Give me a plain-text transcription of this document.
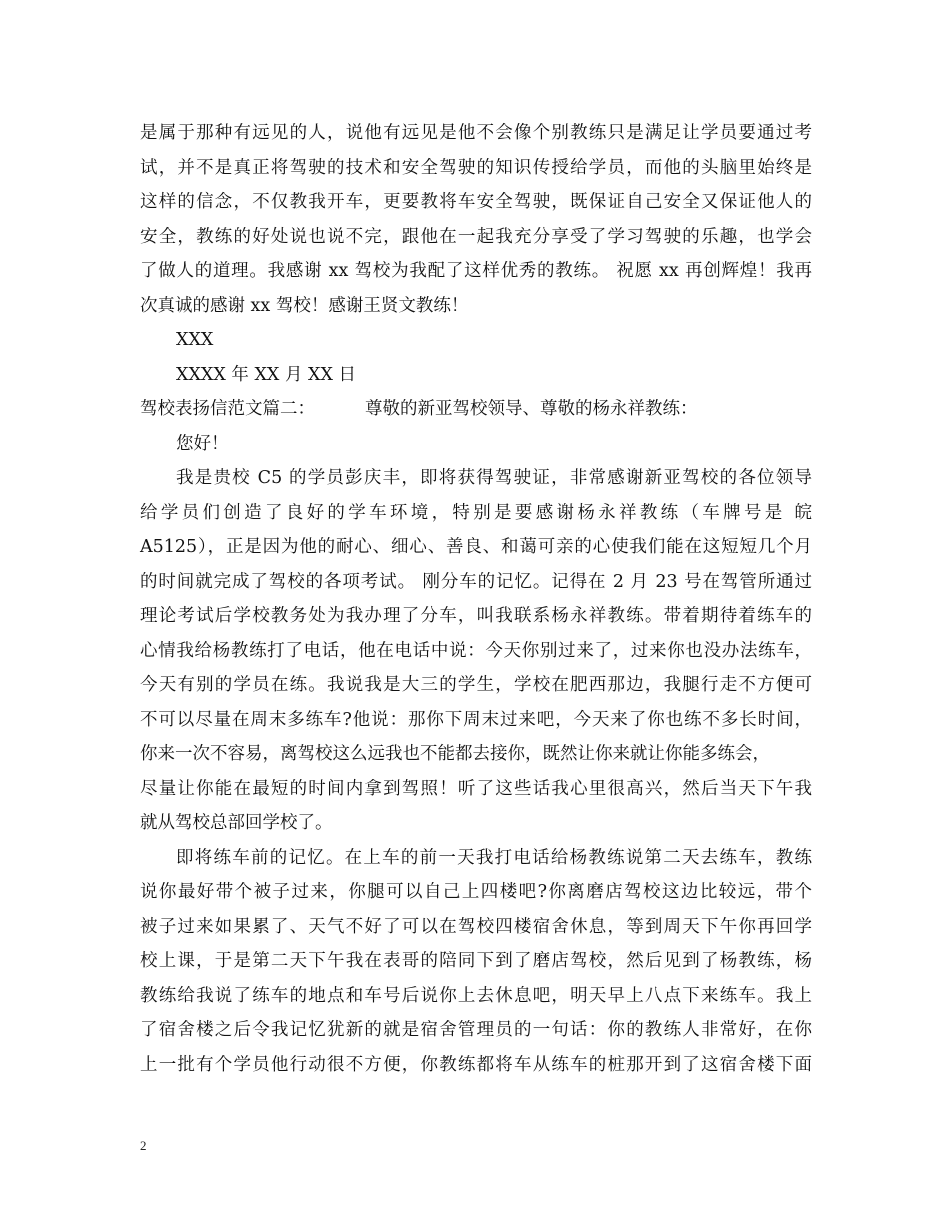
是属于那种有远见的人，说他有远见是他不会像个别教练只是满足让学员要通过考
试，并不是真正将驾驶的技术和安全驾驶的知识传授给学员，而他的头脑里始终是
这样的信念，不仅教我开车，更要教将车安全驾驶，既保证自己安全又保证他人的
安全，教练的好处说也说不完，跟他在一起我充分享受了学习驾驶的乐趣，也学会
了做人的道理。我感谢 xx 驾校为我配了这样优秀的教练。 祝愿 xx 再创辉煌！我再
次真诚的感谢 xx 驾校！感谢王贤文教练！
XXX
XXXX 年 XX 月 XX 日
驾校表扬信范文篇二：	尊敬的新亚驾校领导、尊敬的杨永祥教练：
您好！
我是贵校 C5 的学员彭庆丰，即将获得驾驶证，非常感谢新亚驾校的各位领导
给学员们创造了良好的学车环境，特别是要感谢杨永祥教练（车牌号是 皖
A5125），正是因为他的耐心、细心、善良、和蔼可亲的心使我们能在这短短几个月
的时间就完成了驾校的各项考试。 刚分车的记忆。记得在 2 月 23 号在驾管所通过
理论考试后学校教务处为我办理了分车，叫我联系杨永祥教练。带着期待着练车的
心情我给杨教练打了电话，他在电话中说：今天你别过来了，过来你也没办法练车，
今天有别的学员在练。我说我是大三的学生，学校在肥西那边，我腿行走不方便可
不可以尽量在周末多练车?他说：那你下周末过来吧，今天来了你也练不多长时间，
你来一次不容易，离驾校这么远我也不能都去接你，既然让你来就让你能多练会，
尽量让你能在最短的时间内拿到驾照！听了这些话我心里很高兴，然后当天下午我
就从驾校总部回学校了。
即将练车前的记忆。在上车的前一天我打电话给杨教练说第二天去练车，教练
说你最好带个被子过来，你腿可以自己上四楼吧?你离磨店驾校这边比较远，带个
被子过来如果累了、天气不好了可以在驾校四楼宿舍休息，等到周天下午你再回学
校上课，于是第二天下午我在表哥的陪同下到了磨店驾校，然后见到了杨教练，杨
教练给我说了练车的地点和车号后说你上去休息吧，明天早上八点下来练车。我上
了宿舍楼之后令我记忆犹新的就是宿舍管理员的一句话：你的教练人非常好，在你
上一批有个学员他行动很不方便，你教练都将车从练车的桩那开到了这宿舍楼下面
2
